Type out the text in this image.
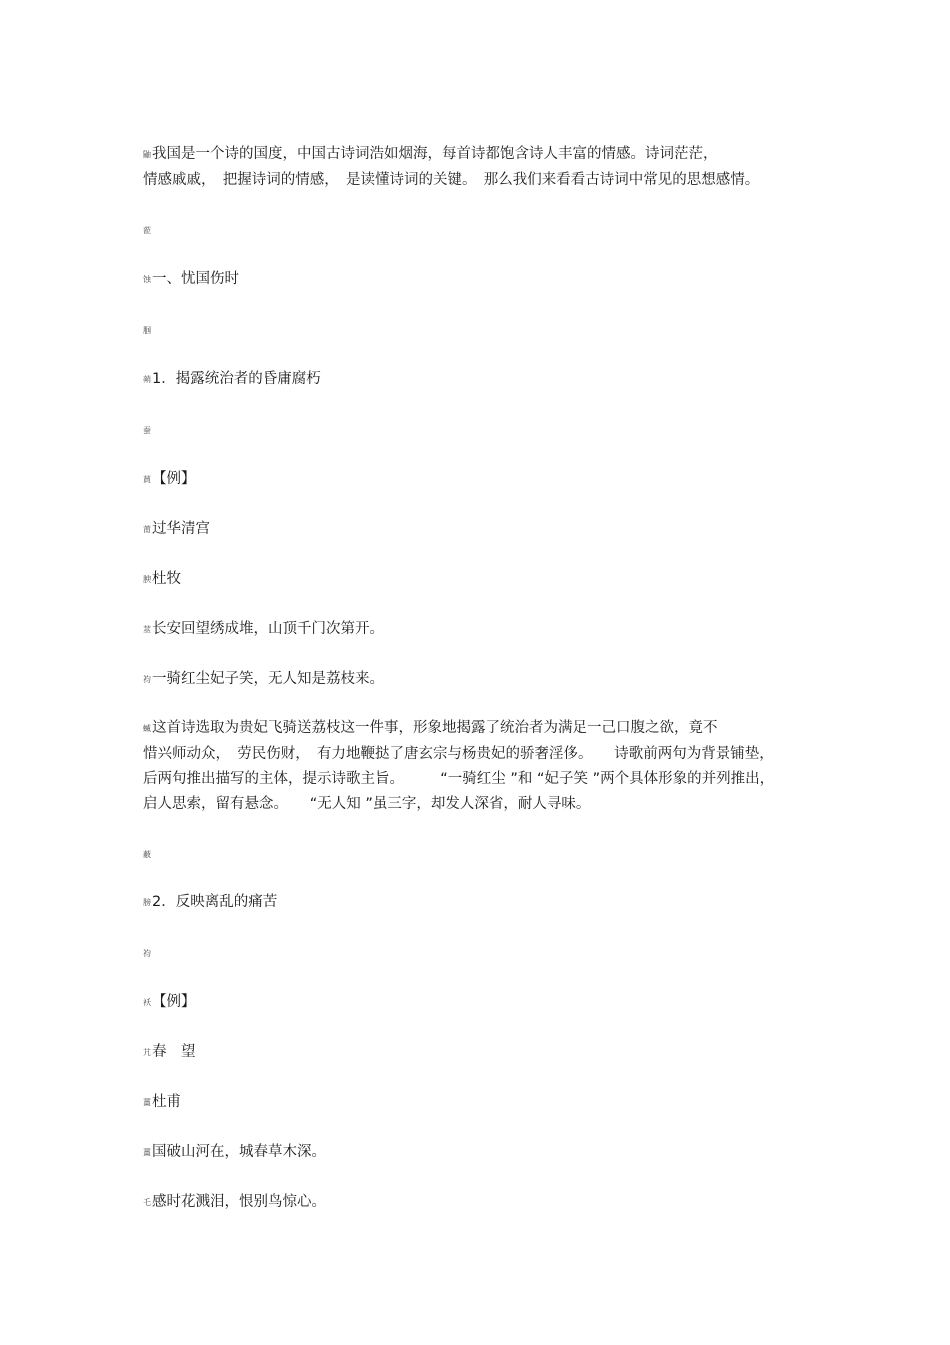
鼬我国是一个诗的国度，中国古诗词浩如烟海，每首诗都饱含诗人丰富的情感。诗词茫茫，
情感戚戚，　把握诗词的情感，　是读懂诗词的关键。　那么我们来看看古诗词中常见的思想感情。
蒞
蚀一、忧国伤时
腘
蒴1．揭露统治者的昏庸腐朽
蚕
蒷【例】
莆过华清宫
腴杜牧
莁长安回望绣成堆，山顶千门次第开。
袀一骑红尘妃子笑，无人知是荔枝来。
蝛这首诗选取为贵妃飞骑送荔枝这一件事，形象地揭露了统治者为满足一己口腹之欲，竟不
惜兴师动众，　劳民伤财，　有力地鞭挞了唐玄宗与杨贵妃的骄奢淫侈。　　诗歌前两句为背景铺垫，
后两句推出描写的主体，提示诗歌主旨。　　　“一骑红尘 ”和 “妃子笑 ”两个具体形象的并列推出，
启人思索，留有悬念。　　“无人知 ”虽三字，却发人深省，耐人寻味。
蔽
膀2．反映离乱的痛苦
袀
袄【例】
芁春　望
薑杜甫
薑国破山河在，城春草木深。
乇感时花溅泪，恨别鸟惊心。
